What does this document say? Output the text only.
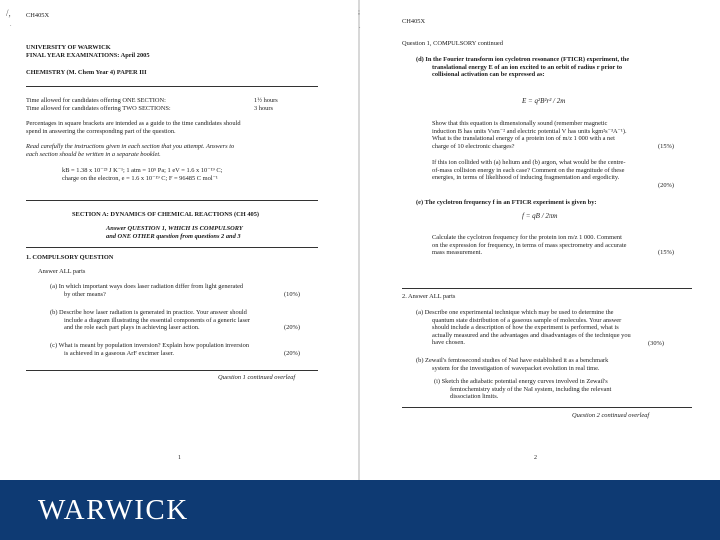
/,
.
CH405X
UNIVERSITY OF WARWICK
FINAL YEAR EXAMINATIONS: April 2005
CHEMISTRY (M. Chem Year 4) PAPER III
Time allowed for candidates offering ONE SECTION:	1½ hours
Time allowed for candidates offering TWO SECTIONS:	3 hours
Percentages in square brackets are intended as a guide to the time candidates should
spend in answering the corresponding part of the question.
Read carefully the instructions given in each section that you attempt. Answers to
each section should be written in a separate booklet.
kB = 1.38 x 10⁻²³ J K⁻¹; 1 atm = 10⁵ Pa; 1 eV = 1.6 x 10⁻¹⁹ C;
charge on the electron, e = 1.6 x 10⁻¹⁹ C; F = 96485 C mol⁻¹
SECTION A: DYNAMICS OF CHEMICAL REACTIONS (CH 405)
Answer QUESTION 1, WHICH IS COMPULSORY
and ONE OTHER question from questions 2 and 3
1. COMPULSORY QUESTION
Answer ALL parts
(a) In which important ways does laser radiation differ from light generated
by other means?	(10%)
(b) Describe how laser radiation is generated in practice. Your answer should
include a diagram illustrating the essential components of a generic laser
and the role each part plays in achieving laser action.	(20%)
(c) What is meant by population inversion? Explain how population inversion
is achieved in a gaseous ArF excimer laser.	(20%)
Question 1 continued overleaf
1
;
.
CH405X
Question 1, COMPULSORY continued
(d) In the Fourier transform ion cyclotron resonance (FTICR) experiment, the
translational energy E of an ion excited to an orbit of radius r prior to
collisional activation can be expressed as:
E = q²B²r² / 2m
Show that this equation is dimensionally sound (remember magnetic
induction B has units Vsm⁻² and electric potential V has units kgm²s⁻³A⁻¹).
What is the translational energy of a protein ion of m/z 1 000 with a net
charge of 10 electronic charges?	(15%)
If this ion collided with (a) helium and (b) argon, what would be the centre-
of-mass collision energy in each case? Comment on the magnitude of these
energies, in terms of likelihood of inducing fragmentation and ergodicity.
(20%)
(e) The cyclotron frequency f in an FTICR experiment is given by:
f = qB / 2πm
Calculate the cyclotron frequency for the protein ion m/z 1 000. Comment
on the expression for frequency, in terms of mass spectrometry and accurate
mass measurement.	(15%)
2. Answer ALL parts
(a) Describe one experimental technique which may be used to determine the
quantum state distribution of a gaseous sample of molecules. Your answer
should include a description of how the experiment is performed, what is
actually measured and the advantages and disadvantages of the technique you
have chosen.	(30%)
(b) Zewail's femtosecond studies of NaI have established it as a benchmark
system for the investigation of wavepacket evolution in real time.
(i) Sketch the adiabatic potential energy curves involved in Zewail's
femtochemistry study of the NaI system, including the relevant
dissociation limits.
Question 2 continued overleaf
2
WARWICK
